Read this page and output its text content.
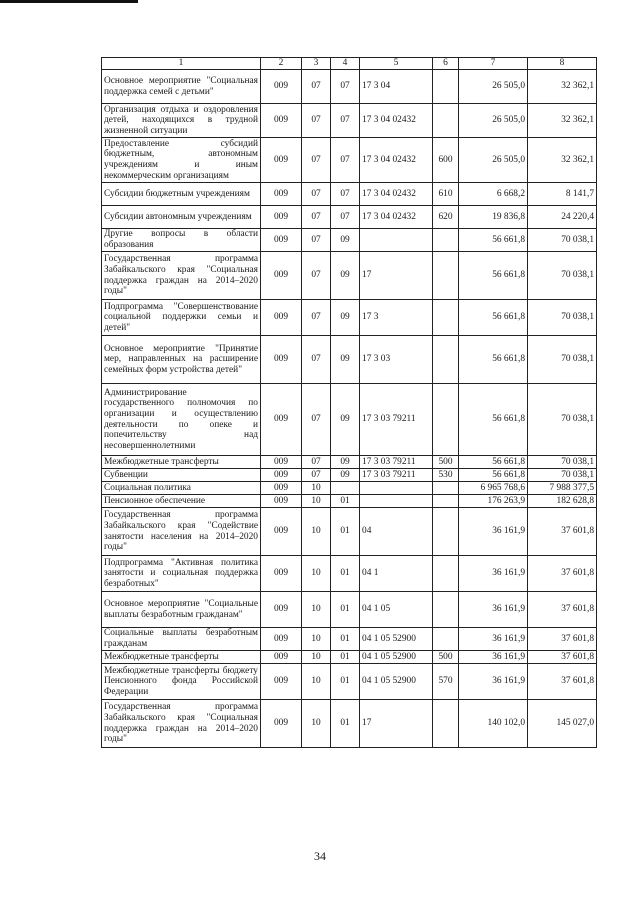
1	2	3	4	5	6	7	8
Основное мероприятие "Социальная поддержка семей с детьми"	009	07	07	17 3 04		26 505,0	32 362,1
Организация отдыха и оздоровления детей, находящихся в трудной жизненной ситуации	009	07	07	17 3 04 02432		26 505,0	32 362,1
Предоставление субсидий бюджетным, автономным учреждениям и иным некоммерческим организациям	009	07	07	17 3 04 02432	600	26 505,0	32 362,1
Субсидии бюджетным учреждениям	009	07	07	17 3 04 02432	610	6 668,2	8 141,7
Субсидии автономным учреждениям	009	07	07	17 3 04 02432	620	19 836,8	24 220,4
Другие вопросы в области образования	009	07	09			56 661,8	70 038,1
Государственная программа Забайкальского края "Социальная поддержка граждан на 2014–2020 годы"	009	07	09	17		56 661,8	70 038,1
Подпрограмма "Совершенствование социальной поддержки семьи и детей"	009	07	09	17 3		56 661,8	70 038,1
Основное мероприятие "Принятие мер, направленных на расширение семейных форм устройства детей"	009	07	09	17 3 03		56 661,8	70 038,1
Администрирование государственного полномочия по организации и осуществлению деятельности по опеке и попечительству над несовершеннолетними	009	07	09	17 3 03 79211		56 661,8	70 038,1
Межбюджетные трансферты	009	07	09	17 3 03 79211	500	56 661,8	70 038,1
Субвенции	009	07	09	17 3 03 79211	530	56 661,8	70 038,1
Социальная политика	009	10				6 965 768,6	7 988 377,5
Пенсионное обеспечение	009	10	01			176 263,9	182 628,8
Государственная программа Забайкальского края "Содействие занятости населения на 2014–2020 годы"	009	10	01	04		36 161,9	37 601,8
Подпрограмма "Активная политика занятости и социальная поддержка безработных"	009	10	01	04 1		36 161,9	37 601,8
Основное мероприятие "Социальные выплаты безработным гражданам"	009	10	01	04 1 05		36 161,9	37 601,8
Социальные выплаты безработным гражданам	009	10	01	04 1 05 52900		36 161,9	37 601,8
Межбюджетные трансферты	009	10	01	04 1 05 52900	500	36 161,9	37 601,8
Межбюджетные трансферты бюджету Пенсионного фонда Российской Федерации	009	10	01	04 1 05 52900	570	36 161,9	37 601,8
Государственная программа Забайкальского края "Социальная поддержка граждан на 2014–2020 годы"	009	10	01	17		140 102,0	145 027,0
34
